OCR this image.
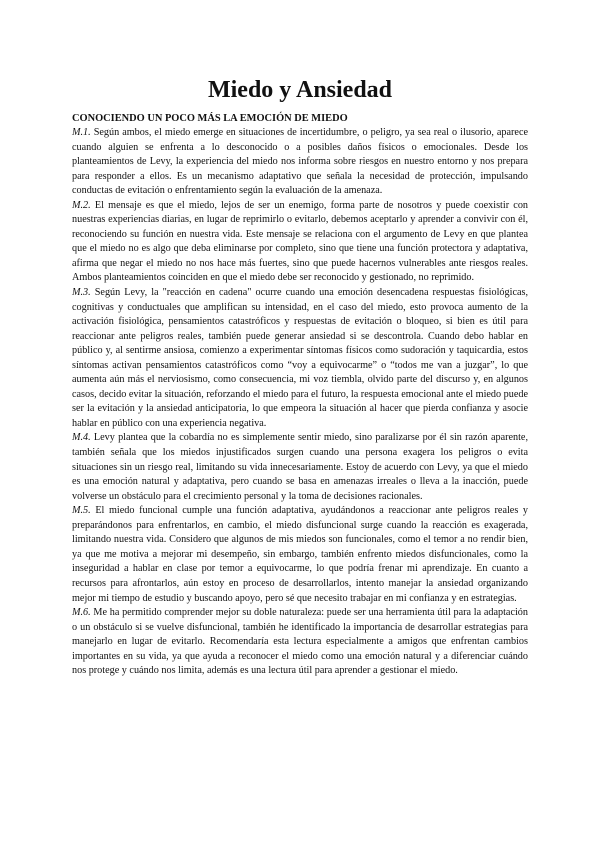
Miedo y Ansiedad
CONOCIENDO UN POCO MÁS LA EMOCIÓN DE MIEDO

M.1. Según ambos, el miedo emerge en situaciones de incertidumbre, o peligro, ya sea real o ilusorio, aparece cuando alguien se enfrenta a lo desconocido o a posibles daños físicos o emocionales. Desde los planteamientos de Levy, la experiencia del miedo nos informa sobre riesgos en nuestro entorno y nos prepara para responder a ellos. Es un mecanismo adaptativo que señala la necesidad de protección, impulsando conductas de evitación o enfrentamiento según la evaluación de la amenaza.

M.2. El mensaje es que el miedo, lejos de ser un enemigo, forma parte de nosotros y puede coexistir con nuestras experiencias diarias, en lugar de reprimirlo o evitarlo, debemos aceptarlo y aprender a convivir con él, reconociendo su función en nuestra vida. Este mensaje se relaciona con el argumento de Levy en que plantea que el miedo no es algo que deba eliminarse por completo, sino que tiene una función protectora y adaptativa, afirma que negar el miedo no nos hace más fuertes, sino que puede hacernos vulnerables ante riesgos reales. Ambos planteamientos coinciden en que el miedo debe ser reconocido y gestionado, no reprimido.

M.3. Según Levy, la "reacción en cadena" ocurre cuando una emoción desencadena respuestas fisiológicas, cognitivas y conductuales que amplifican su intensidad, en el caso del miedo, esto provoca aumento de la activación fisiológica, pensamientos catastróficos y respuestas de evitación o bloqueo, si bien es útil para reaccionar ante peligros reales, también puede generar ansiedad si se descontrola. Cuando debo hablar en público y, al sentirme ansiosa, comienzo a experimentar síntomas físicos como sudoración y taquicardia, estos síntomas activan pensamientos catastróficos como “voy a equivocarme” o “todos me van a juzgar”, lo que aumenta aún más el nerviosismo, como consecuencia, mi voz tiembla, olvido parte del discurso y, en algunos casos, decido evitar la situación, reforzando el miedo para el futuro, la respuesta emocional ante el miedo puede ser la evitación y la ansiedad anticipatoria, lo que empeora la situación al hacer que pierda confianza y asocie hablar en público con una experiencia negativa.

M.4. Levy plantea que la cobardía no es simplemente sentir miedo, sino paralizarse por él sin razón aparente, también señala que los miedos injustificados surgen cuando una persona exagera los peligros o evita situaciones sin un riesgo real, limitando su vida innecesariamente. Estoy de acuerdo con Levy, ya que el miedo es una emoción natural y adaptativa, pero cuando se basa en amenazas irreales o lleva a la inacción, puede volverse un obstáculo para el crecimiento personal y la toma de decisiones racionales.

M.5. El miedo funcional cumple una función adaptativa, ayudándonos a reaccionar ante peligros reales y preparándonos para enfrentarlos, en cambio, el miedo disfuncional surge cuando la reacción es exagerada, limitando nuestra vida. Considero que algunos de mis miedos son funcionales, como el temor a no rendir bien, ya que me motiva a mejorar mi desempeño, sin embargo, también enfrento miedos disfuncionales, como la inseguridad a hablar en clase por temor a equivocarme, lo que podría frenar mi aprendizaje. En cuanto a recursos para afrontarlos, aún estoy en proceso de desarrollarlos, intento manejar la ansiedad organizando mejor mi tiempo de estudio y buscando apoyo, pero sé que necesito trabajar en mi confianza y en estrategias.

M.6. Me ha permitido comprender mejor su doble naturaleza: puede ser una herramienta útil para la adaptación o un obstáculo si se vuelve disfuncional, también he identificado la importancia de desarrollar estrategias para manejarlo en lugar de evitarlo. Recomendaría esta lectura especialmente a amigos que enfrentan cambios importantes en su vida, ya que ayuda a reconocer el miedo como una emoción natural y a diferenciar cuándo nos protege y cuándo nos limita, además es una lectura útil para aprender a gestionar el miedo.
